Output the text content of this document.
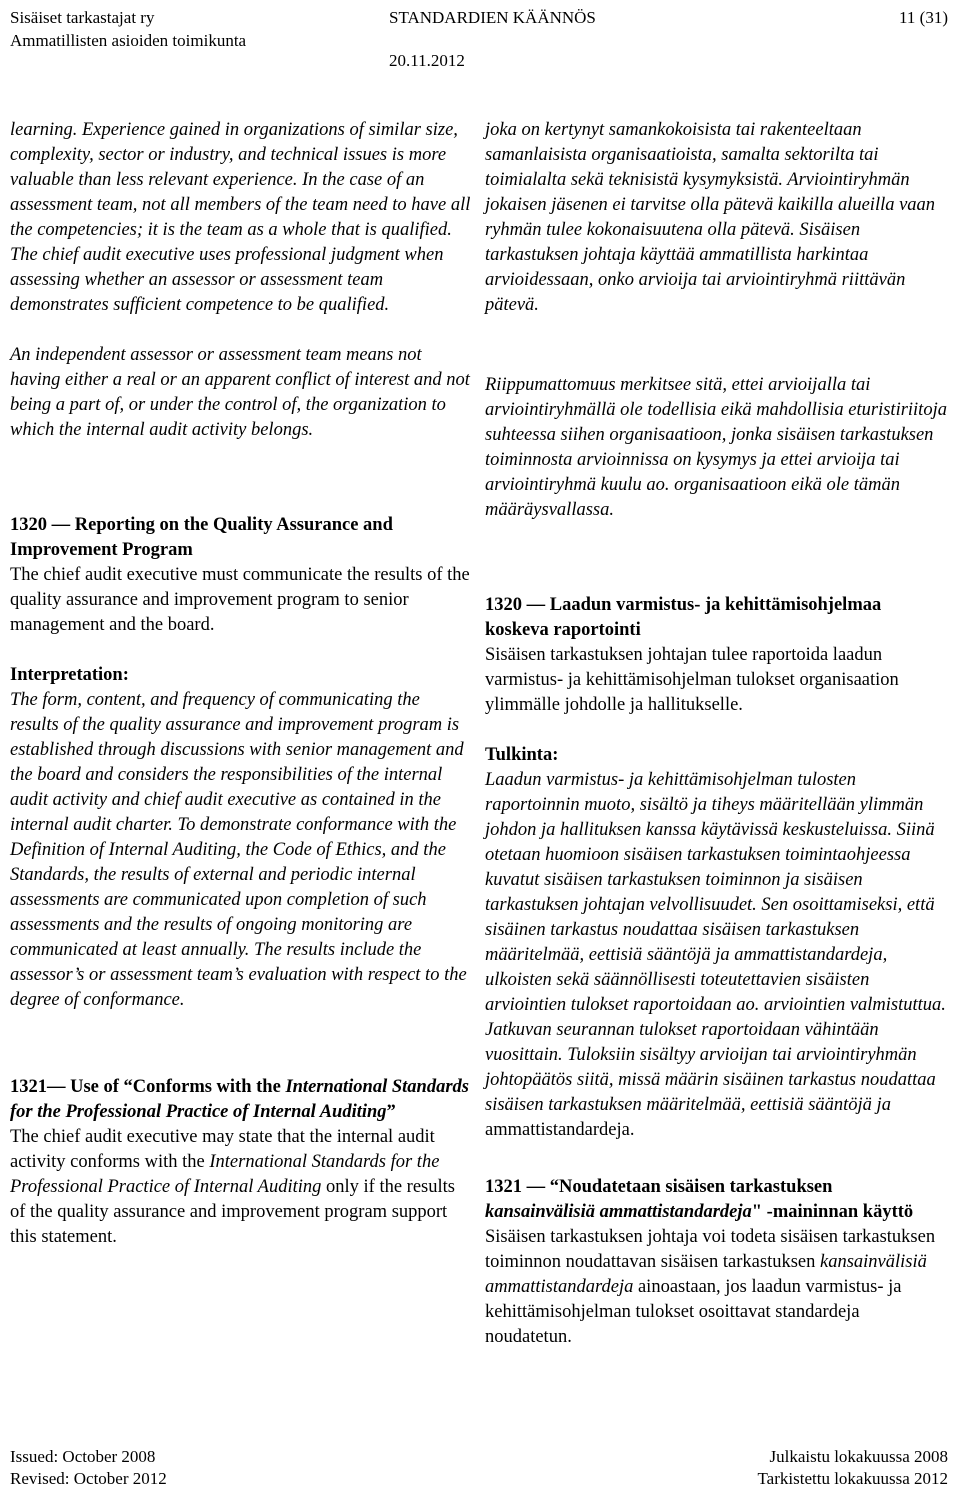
Sisäiset tarkastajat ry
Ammatillisten asioiden toimikunta
STANDARDIEN KÄÄNNÖS
20.11.2012
11 (31)

learning. Experience gained in organizations of similar size, complexity, sector or industry, and technical issues is more valuable than less relevant experience. In the case of an assessment team, not all members of the team need to have all the competencies; it is the team as a whole that is qualified. The chief audit executive uses professional judgment when assessing whether an assessor or assessment team demonstrates sufficient competence to be qualified.

An independent assessor or assessment team means not having either a real or an apparent conflict of interest and not being a part of, or under the control of, the organization to which the internal audit activity belongs.

1320 — Reporting on the Quality Assurance and Improvement Program

The chief audit executive must communicate the results of the quality assurance and improvement program to senior management and the board.

Interpretation:

The form, content, and frequency of communicating the results of the quality assurance and improvement program is established through discussions with senior management and the board and considers the responsibilities of the internal audit activity and chief audit executive as contained in the internal audit charter. To demonstrate conformance with the Definition of Internal Auditing, the Code of Ethics, and the Standards, the results of external and periodic internal assessments are communicated upon completion of such assessments and the results of ongoing monitoring are communicated at least annually. The results include the assessor’s or assessment team’s evaluation with respect to the degree of conformance.

1321— Use of “Conforms with the International Standards for the Professional Practice of Internal Auditing”

The chief audit executive may state that the internal audit activity conforms with the International Standards for the Professional Practice of Internal Auditing only if the results of the quality assurance and improvement program support this statement.

joka on kertynyt samankokoisista tai rakenteeltaan samanlaisista organisaatioista, samalta sektorilta tai toimialalta sekä teknisistä kysymyksistä. Arviointiryhmän jokaisen jäsenen ei tarvitse olla pätevä kaikilla alueilla vaan ryhmän tulee kokonaisuutena olla pätevä. Sisäisen tarkastuksen johtaja käyttää ammatillista harkintaa arvioidessaan, onko arvioija tai arviointiryhmä riittävän pätevä.

Riippumattomuus merkitsee sitä, ettei arvioijalla tai arviointiryhmällä ole todellisia eikä mahdollisia eturistiriitoja suhteessa siihen organisaatioon, jonka sisäisen tarkastuksen toiminnosta arvioinnissa on kysymys ja ettei arvioija tai arviointiryhmä kuulu ao. organisaatioon eikä ole tämän määräysvallassa.

1320 — Laadun varmistus- ja kehittämisohjelmaa koskeva raportointi

Sisäisen tarkastuksen johtajan tulee raportoida laadun varmistus- ja kehittämisohjelman tulokset organisaation ylimmälle johdolle ja hallitukselle.

Tulkinta:

Laadun varmistus- ja kehittämisohjelman tulosten raportoinnin muoto, sisältö ja tiheys määritellään ylimmän johdon ja hallituksen kanssa käytävissä keskusteluissa. Siinä otetaan huomioon sisäisen tarkastuksen toimintaohjeessa kuvatut sisäisen tarkastuksen toiminnon ja sisäisen tarkastuksen johtajan velvollisuudet. Sen osoittamiseksi, että sisäinen tarkastus noudattaa sisäisen tarkastuksen määritelmää, eettisiä sääntöjä ja ammattistandardeja, ulkoisten sekä säännöllisesti toteutettavien sisäisten arviointien tulokset raportoidaan ao. arviointien valmistuttua. Jatkuvan seurannan tulokset raportoidaan vähintään vuosittain. Tuloksiin sisältyy arvioijan tai arviointiryhmän johtopäätös siitä, missä määrin sisäinen tarkastus noudattaa sisäisen tarkastuksen määritelmää, eettisiä sääntöjä ja ammattistandardeja.

1321 — “Noudatetaan sisäisen tarkastuksen kansainvälisiä ammattistandardeja" -maininnan käyttö

Sisäisen tarkastuksen johtaja voi todeta sisäisen tarkastuksen toiminnon noudattavan sisäisen tarkastuksen kansainvälisiä ammattistandardeja ainoastaan, jos laadun varmistus- ja kehittämisohjelman tulokset osoittavat standardeja noudatetun.

Issued: October 2008
Revised: October 2012
Julkaistu lokakuussa 2008
Tarkistettu lokakuussa 2012
